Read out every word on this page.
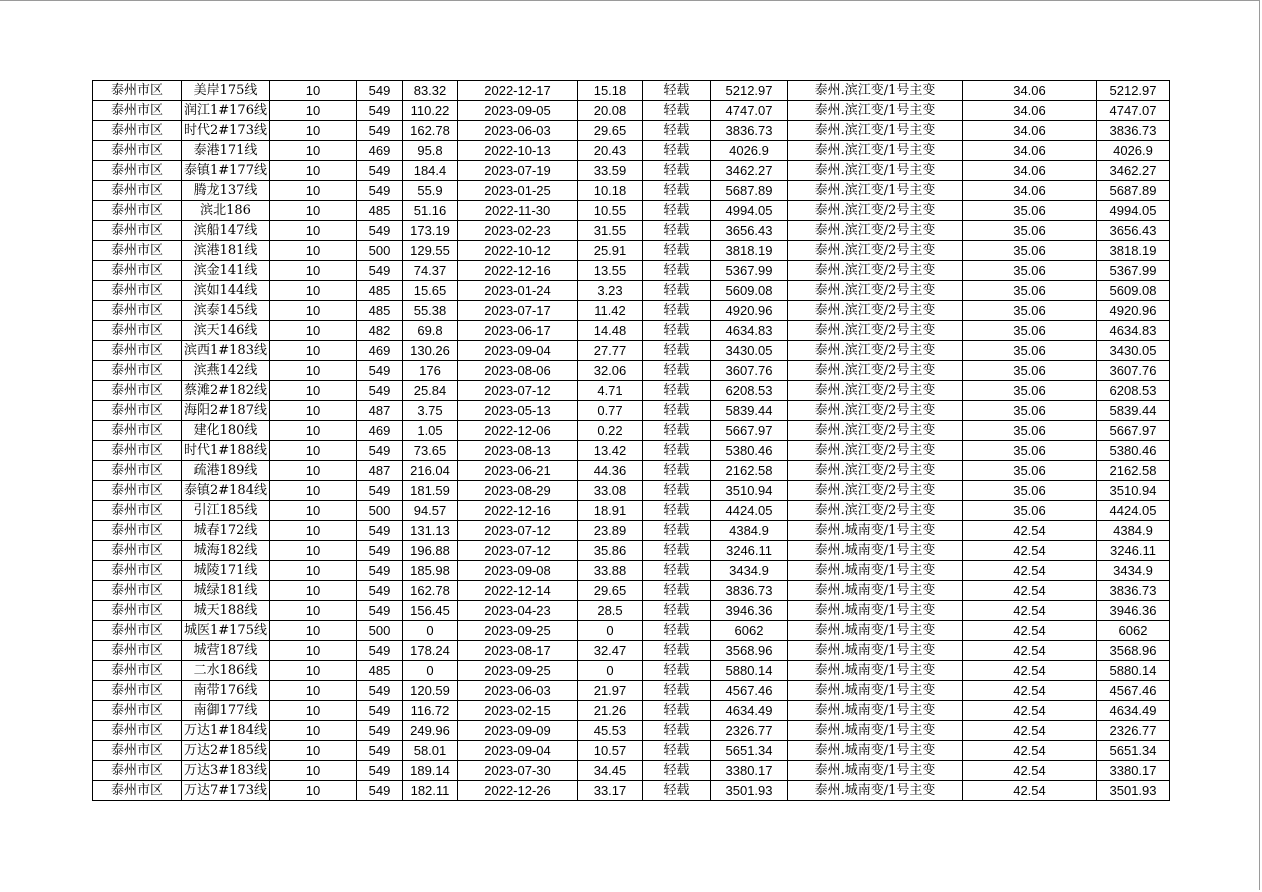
泰州市区	美岸175线	10	549	83.32	2022-12-17	15.18	轻载	5212.97	泰州.滨江变/1号主变	34.06	5212.97
泰州市区	润江1#176线	10	549	110.22	2023-09-05	20.08	轻载	4747.07	泰州.滨江变/1号主变	34.06	4747.07
泰州市区	时代2#173线	10	549	162.78	2023-06-03	29.65	轻载	3836.73	泰州.滨江变/1号主变	34.06	3836.73
泰州市区	泰港171线	10	469	95.8	2022-10-13	20.43	轻载	4026.9	泰州.滨江变/1号主变	34.06	4026.9
泰州市区	泰镇1#177线	10	549	184.4	2023-07-19	33.59	轻载	3462.27	泰州.滨江变/1号主变	34.06	3462.27
泰州市区	腾龙137线	10	549	55.9	2023-01-25	10.18	轻载	5687.89	泰州.滨江变/1号主变	34.06	5687.89
泰州市区	滨北186	10	485	51.16	2022-11-30	10.55	轻载	4994.05	泰州.滨江变/2号主变	35.06	4994.05
泰州市区	滨船147线	10	549	173.19	2023-02-23	31.55	轻载	3656.43	泰州.滨江变/2号主变	35.06	3656.43
泰州市区	滨港181线	10	500	129.55	2022-10-12	25.91	轻载	3818.19	泰州.滨江变/2号主变	35.06	3818.19
泰州市区	滨金141线	10	549	74.37	2022-12-16	13.55	轻载	5367.99	泰州.滨江变/2号主变	35.06	5367.99
泰州市区	滨如144线	10	485	15.65	2023-01-24	3.23	轻载	5609.08	泰州.滨江变/2号主变	35.06	5609.08
泰州市区	滨泰145线	10	485	55.38	2023-07-17	11.42	轻载	4920.96	泰州.滨江变/2号主变	35.06	4920.96
泰州市区	滨天146线	10	482	69.8	2023-06-17	14.48	轻载	4634.83	泰州.滨江变/2号主变	35.06	4634.83
泰州市区	滨西1#183线	10	469	130.26	2023-09-04	27.77	轻载	3430.05	泰州.滨江变/2号主变	35.06	3430.05
泰州市区	滨燕142线	10	549	176	2023-08-06	32.06	轻载	3607.76	泰州.滨江变/2号主变	35.06	3607.76
泰州市区	蔡滩2#182线	10	549	25.84	2023-07-12	4.71	轻载	6208.53	泰州.滨江变/2号主变	35.06	6208.53
泰州市区	海阳2#187线	10	487	3.75	2023-05-13	0.77	轻载	5839.44	泰州.滨江变/2号主变	35.06	5839.44
泰州市区	建化180线	10	469	1.05	2022-12-06	0.22	轻载	5667.97	泰州.滨江变/2号主变	35.06	5667.97
泰州市区	时代1#188线	10	549	73.65	2023-08-13	13.42	轻载	5380.46	泰州.滨江变/2号主变	35.06	5380.46
泰州市区	疏港189线	10	487	216.04	2023-06-21	44.36	轻载	2162.58	泰州.滨江变/2号主变	35.06	2162.58
泰州市区	泰镇2#184线	10	549	181.59	2023-08-29	33.08	轻载	3510.94	泰州.滨江变/2号主变	35.06	3510.94
泰州市区	引江185线	10	500	94.57	2022-12-16	18.91	轻载	4424.05	泰州.滨江变/2号主变	35.06	4424.05
泰州市区	城春172线	10	549	131.13	2023-07-12	23.89	轻载	4384.9	泰州.城南变/1号主变	42.54	4384.9
泰州市区	城海182线	10	549	196.88	2023-07-12	35.86	轻载	3246.11	泰州.城南变/1号主变	42.54	3246.11
泰州市区	城陵171线	10	549	185.98	2023-09-08	33.88	轻载	3434.9	泰州.城南变/1号主变	42.54	3434.9
泰州市区	城绿181线	10	549	162.78	2022-12-14	29.65	轻载	3836.73	泰州.城南变/1号主变	42.54	3836.73
泰州市区	城天188线	10	549	156.45	2023-04-23	28.5	轻载	3946.36	泰州.城南变/1号主变	42.54	3946.36
泰州市区	城医1#175线	10	500	0	2023-09-25	0	轻载	6062	泰州.城南变/1号主变	42.54	6062
泰州市区	城营187线	10	549	178.24	2023-08-17	32.47	轻载	3568.96	泰州.城南变/1号主变	42.54	3568.96
泰州市区	二水186线	10	485	0	2023-09-25	0	轻载	5880.14	泰州.城南变/1号主变	42.54	5880.14
泰州市区	南带176线	10	549	120.59	2023-06-03	21.97	轻载	4567.46	泰州.城南变/1号主变	42.54	4567.46
泰州市区	南御177线	10	549	116.72	2023-02-15	21.26	轻载	4634.49	泰州.城南变/1号主变	42.54	4634.49
泰州市区	万达1#184线	10	549	249.96	2023-09-09	45.53	轻载	2326.77	泰州.城南变/1号主变	42.54	2326.77
泰州市区	万达2#185线	10	549	58.01	2023-09-04	10.57	轻载	5651.34	泰州.城南变/1号主变	42.54	5651.34
泰州市区	万达3#183线	10	549	189.14	2023-07-30	34.45	轻载	3380.17	泰州.城南变/1号主变	42.54	3380.17
泰州市区	万达7#173线	10	549	182.11	2022-12-26	33.17	轻载	3501.93	泰州.城南变/1号主变	42.54	3501.93
